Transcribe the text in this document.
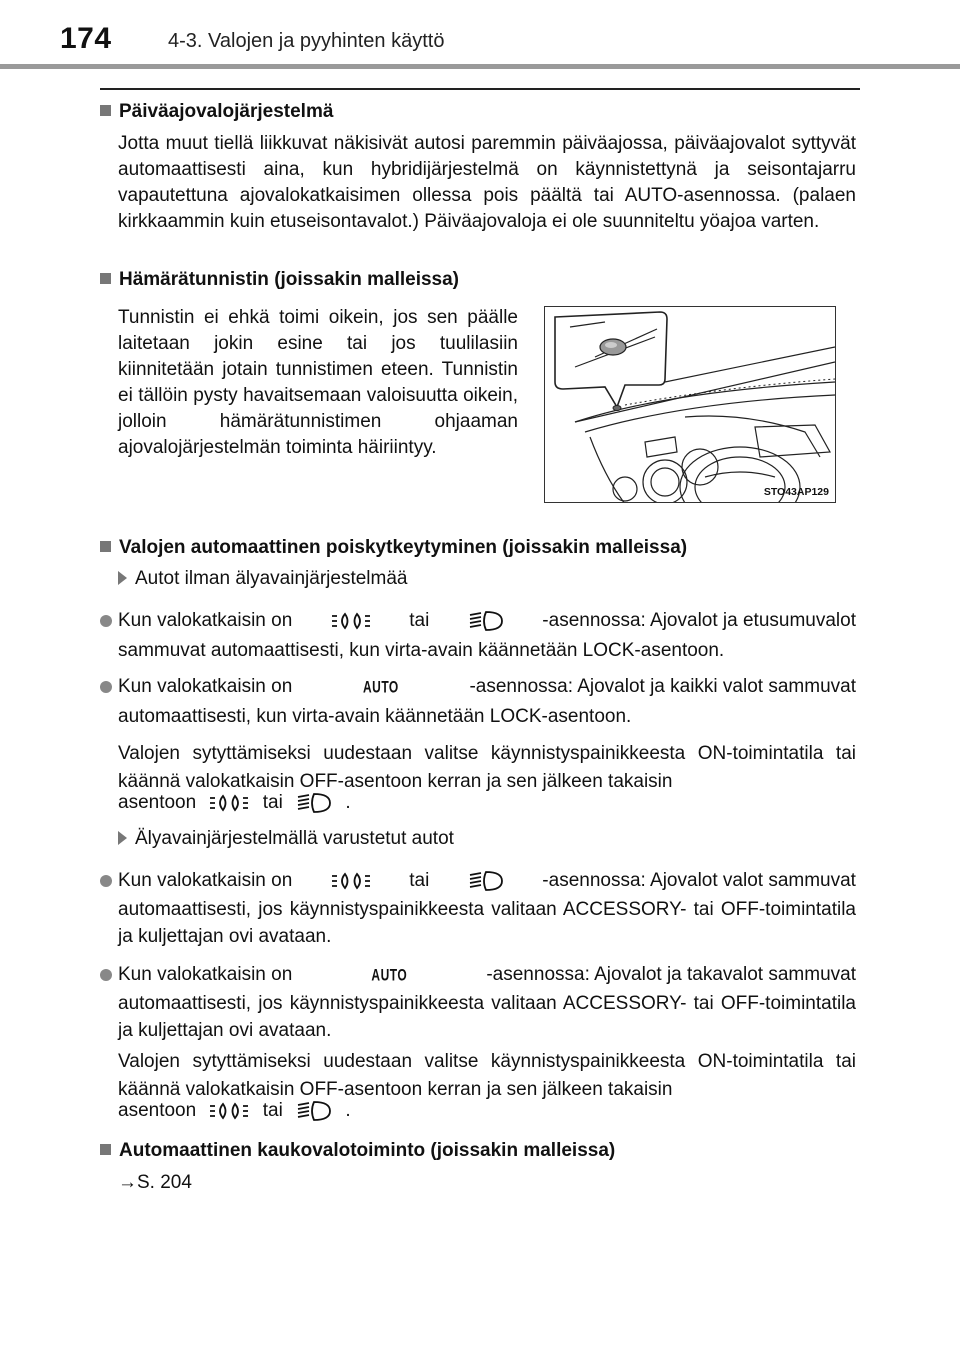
174	4-3. Valojen ja pyyhinten käyttö
Päiväajovalojärjestelmä
Jotta muut tiellä liikkuvat näkisivät autosi paremmin päiväajossa, päiväajovalot syttyvät automaattisesti aina, kun hybridijärjestelmä on käynnistettynä ja seisontajarru vapautettuna ajovalokatkaisimen ollessa pois päältä tai AUTO-asennossa. (palaen kirkkaammin kuin etuseisontavalot.) Päiväajovaloja ei ole suunniteltu yöajoa varten.
Hämärätunnistin (joissakin malleissa)
Tunnistin ei ehkä toimi oikein, jos sen päälle laitetaan jokin esine tai jos tuulilasiin kiinnitetään jotain tunnistimen eteen. Tunnistin ei tällöin pysty havaitsemaan valoisuutta oikein, jolloin hämärätunnistimen ohjaaman ajovalojärjestelmän toiminta häiriintyy.
STO43AP129
Valojen automaattinen poiskytkeytyminen (joissakin malleissa)
Autot ilman älyavainjärjestelmää
Kun valokatkaisin on	tai	-asennossa: Ajovalot ja etusumuvalot
sammuvat automaattisesti, kun virta-avain käännetään LOCK-asentoon.
Kun valokatkaisin on	AUTO	-asennossa: Ajovalot ja kaikki valot sammuvat
automaattisesti, kun virta-avain käännetään LOCK-asentoon.
Valojen sytyttämiseksi uudestaan valitse käynnistyspainikkeesta ON-toimintatila tai käännä valokatkaisin OFF-asentoon kerran ja sen jälkeen takaisin
asentoon	tai	.
Älyavainjärjestelmällä varustetut autot
Kun valokatkaisin on	tai	-asennossa: Ajovalot valot sammuvat
automaattisesti, jos käynnistyspainikkeesta valitaan ACCESSORY- tai OFF-toimintatila ja kuljettajan ovi avataan.
Kun valokatkaisin on	AUTO	-asennossa: Ajovalot ja takavalot sammuvat
automaattisesti, jos käynnistyspainikkeesta valitaan ACCESSORY- tai OFF-toimintatila ja kuljettajan ovi avataan.
Valojen sytyttämiseksi uudestaan valitse käynnistyspainikkeesta ON-toimintatila tai käännä valokatkaisin OFF-asentoon kerran ja sen jälkeen takaisin
asentoon	tai	.
Automaattinen kaukovalotoiminto (joissakin malleissa)
→S. 204
